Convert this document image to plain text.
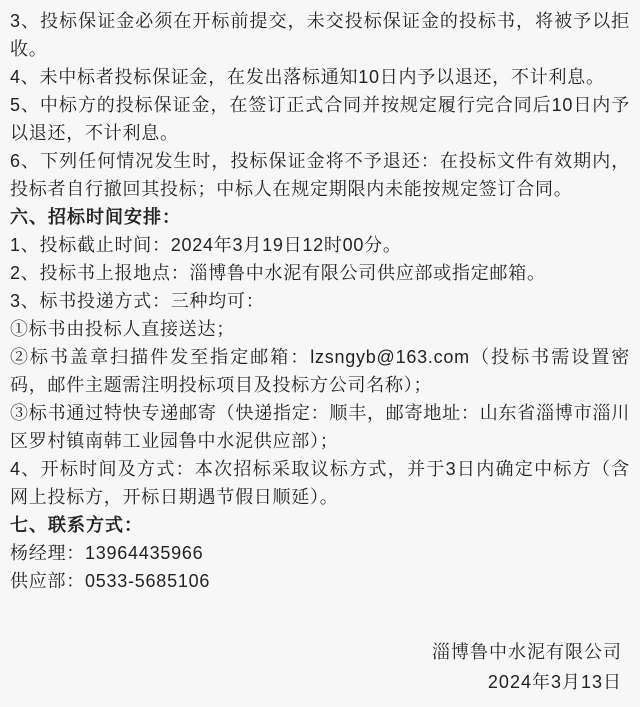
3、投标保证金必须在开标前提交，未交投标保证金的投标书，将被予以拒收。

4、未中标者投标保证金，在发出落标通知10日内予以退还，不计利息。

5、中标方的投标保证金，在签订正式合同并按规定履行完合同后10日内予以退还，不计利息。

6、下列任何情况发生时，投标保证金将不予退还：在投标文件有效期内，投标者自行撤回其投标；中标人在规定期限内未能按规定签订合同。

六、招标时间安排：

1、投标截止时间：2024年3月19日12时00分。

2、投标书上报地点：淄博鲁中水泥有限公司供应部或指定邮箱。

3、标书投递方式：三种均可：

①标书由投标人直接送达；

②标书盖章扫描件发至指定邮箱：lzsngyb@163.com（投标书需设置密码，邮件主题需注明投标项目及投标方公司名称）；

③标书通过特快专递邮寄（快递指定：顺丰，邮寄地址：山东省淄博市淄川区罗村镇南韩工业园鲁中水泥供应部）；

4、开标时间及方式：本次招标采取议标方式，并于3日内确定中标方（含网上投标方，开标日期遇节假日顺延）。

七、联系方式：

杨经理：13964435966

供应部：0533-5685106

淄博鲁中水泥有限公司
2024年3月13日
